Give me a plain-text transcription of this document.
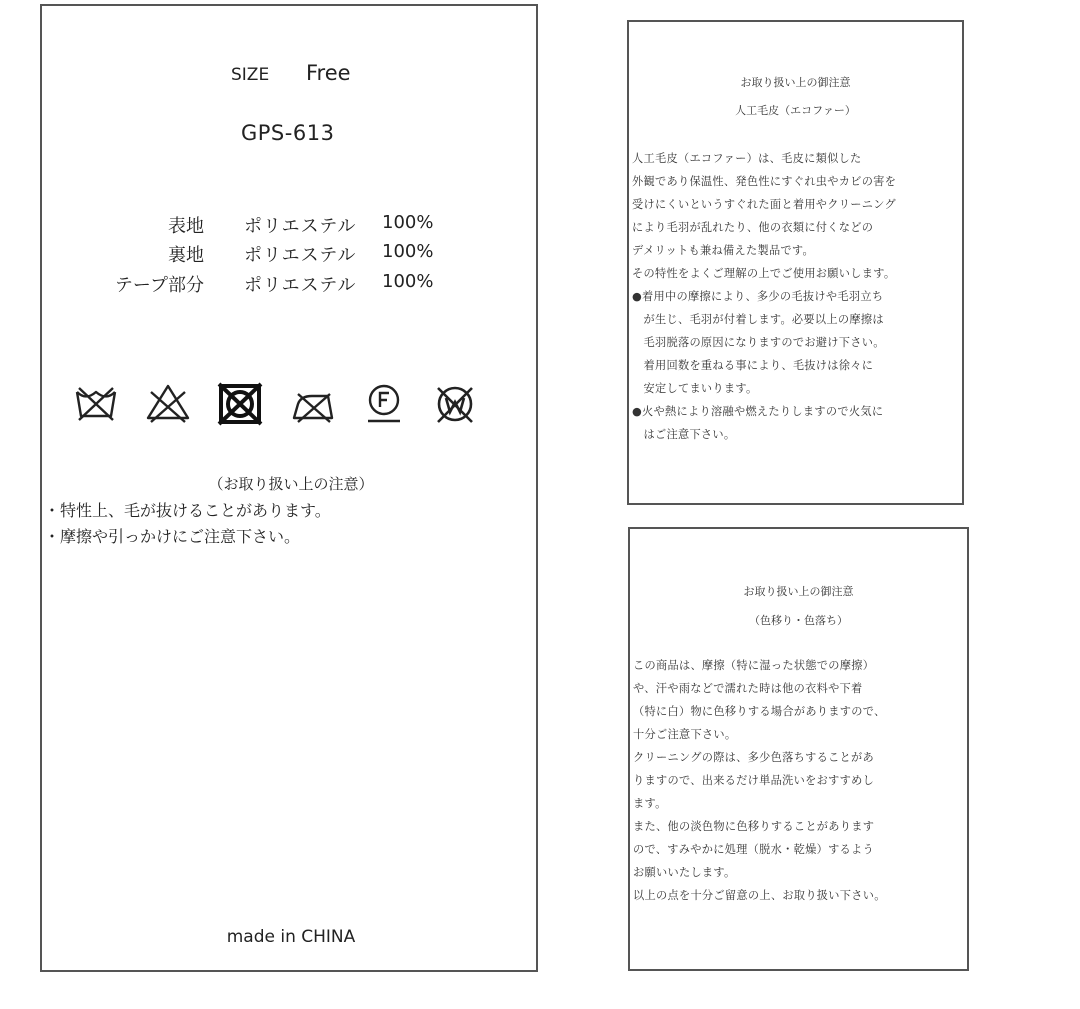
SIZE Free
GPS-613
表地 ポリエステル 100%
裏地 ポリエステル 100%
テープ部分 ポリエステル 100%
（お取り扱い上の注意）
・特性上、毛が抜けることがあります。
・摩擦や引っかけにご注意下さい。
made in CHINA
お取り扱い上の御注意
人工毛皮（エコファー）
人工毛皮（エコファー）は、毛皮に類似した
外観であり保温性、発色性にすぐれ虫やカビの害を
受けにくいというすぐれた面と着用やクリーニング
により毛羽が乱れたり、他の衣類に付くなどの
デメリットも兼ね備えた製品です。
その特性をよくご理解の上でご使用お願いします。
●着用中の摩擦により、多少の毛抜けや毛羽立ち
　が生じ、毛羽が付着します。必要以上の摩擦は
　毛羽脱落の原因になりますのでお避け下さい。
　着用回数を重ねる事により、毛抜けは徐々に
　安定してまいります。
●火や熱により溶融や燃えたりしますので火気に
　はご注意下さい。
お取り扱い上の御注意
（色移り・色落ち）
この商品は、摩擦（特に湿った状態での摩擦）
や、汗や雨などで濡れた時は他の衣料や下着
（特に白）物に色移りする場合がありますので、
十分ご注意下さい。
クリーニングの際は、多少色落ちすることがあ
りますので、出来るだけ単品洗いをおすすめし
ます。
また、他の淡色物に色移りすることがあります
ので、すみやかに処理（脱水・乾燥）するよう
お願いいたします。
以上の点を十分ご留意の上、お取り扱い下さい。
